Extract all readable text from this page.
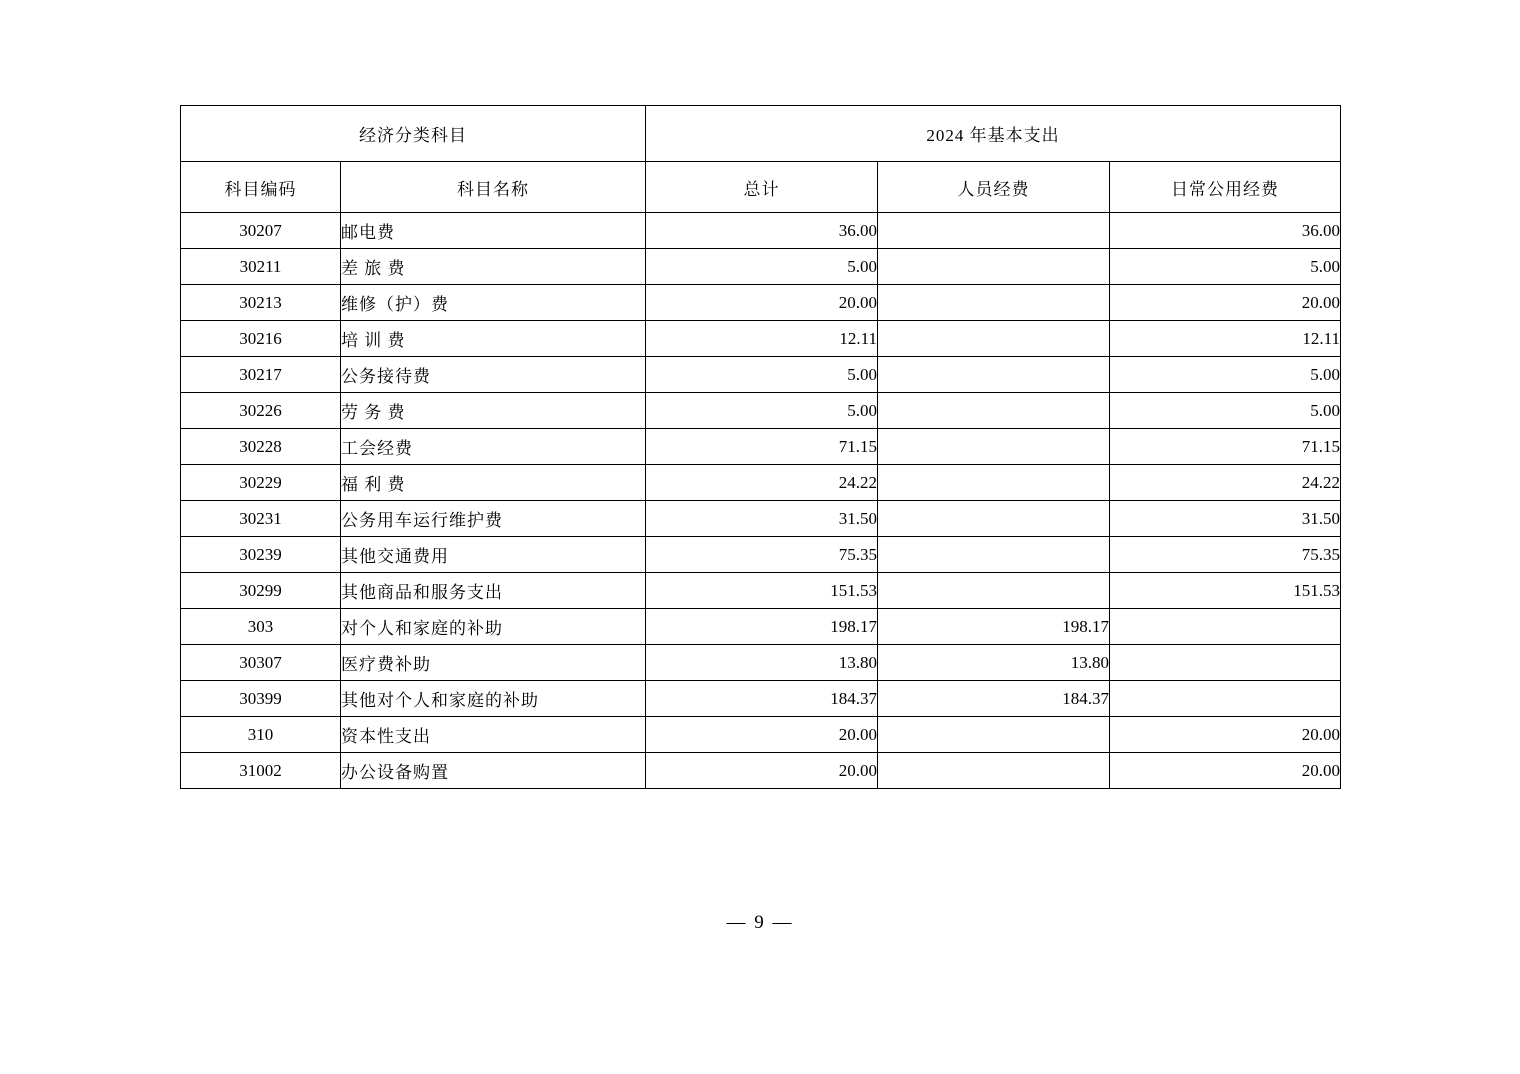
经济分类科目		2024 年基本支出		
科目编码	科目名称	总计	人员经费	日常公用经费
30207	邮电费	36.00		36.00
30211	差 旅 费	5.00		5.00
30213	维修（护）费	20.00		20.00
30216	培 训 费	12.11		12.11
30217	公务接待费	5.00		5.00
30226	劳 务 费	5.00		5.00
30228	工会经费	71.15		71.15
30229	福 利 费	24.22		24.22
30231	公务用车运行维护费	31.50		31.50
30239	其他交通费用	75.35		75.35
30299	其他商品和服务支出	151.53		151.53
303	对个人和家庭的补助	198.17	198.17	
30307	医疗费补助	13.80	13.80	
30399	其他对个人和家庭的补助	184.37	184.37	
310	资本性支出	20.00		20.00
31002	办公设备购置	20.00		20.00
— 9 —
